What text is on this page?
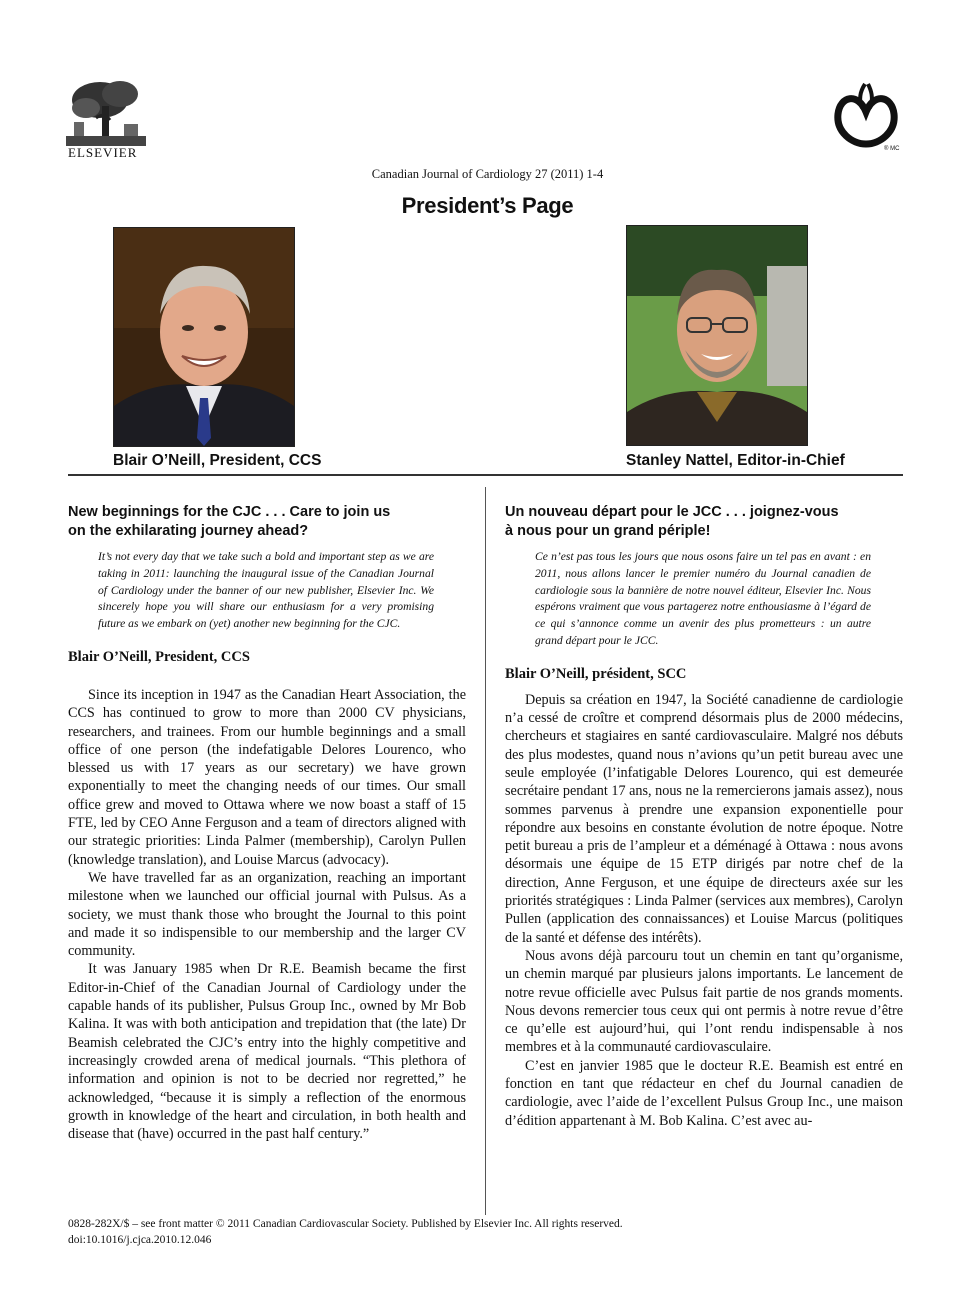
ELSEVIER	® MC
Canadian Journal of Cardiology 27 (2011) 1-4
President’s Page
Blair O’Neill, President, CCS	Stanley Nattel, Editor-in-Chief
New beginnings for the CJC . . . Care to join us
on the exhilarating journey ahead?

It’s not every day that we take such a bold and important step as we are taking in 2011: launching the inaugural issue of the Canadian Journal of Cardiology under the banner of our new publisher, Elsevier Inc. We sincerely hope you will share our enthusiasm for a very promising future as we embark on (yet) another new beginning for the CJC.

Blair O’Neill, President, CCS

Since its inception in 1947 as the Canadian Heart Association, the CCS has continued to grow to more than 2000 CV physicians, researchers, and trainees. From our humble beginnings and a small office of one person (the indefatigable Delores Lourenco, who blessed us with 17 years as our secretary) we have grown exponentially to meet the changing needs of our times. Our small office grew and moved to Ottawa where we now boast a staff of 15 FTE, led by CEO Anne Ferguson and a team of directors aligned with our strategic priorities: Linda Palmer (membership), Carolyn Pullen (knowledge translation), and Louise Marcus (advocacy).

We have travelled far as an organization, reaching an important milestone when we launched our official journal with Pulsus. As a society, we must thank those who brought the Journal to this point and made it so indispensible to our membership and the larger CV community.

It was January 1985 when Dr R.E. Beamish became the first Editor-in-Chief of the Canadian Journal of Cardiology under the capable hands of its publisher, Pulsus Group Inc., owned by Mr Bob Kalina. It was with both anticipation and trepidation that (the late) Dr Beamish celebrated the CJC’s entry into the highly competitive and increasingly crowded arena of medical journals. “This plethora of information and opinion is not to be decried nor regretted,” he acknowledged, “because it is simply a reflection of the enormous growth in knowledge of the heart and circulation, in both health and disease that (have) occurred in the past half century.”

Un nouveau départ pour le JCC . . . joignez-vous
à nous pour un grand périple!

Ce n’est pas tous les jours que nous osons faire un tel pas en avant : en 2011, nous allons lancer le premier numéro du Journal canadien de cardiologie sous la bannière de notre nouvel éditeur, Elsevier Inc. Nous espérons vraiment que vous partagerez notre enthousiasme à l’égard de ce qui s’annonce comme un avenir des plus prometteurs : un autre grand départ pour le JCC.

Blair O’Neill, président, SCC

Depuis sa création en 1947, la Société canadienne de cardiologie n’a cessé de croître et comprend désormais plus de 2000 médecins, chercheurs et stagiaires en santé cardiovasculaire. Malgré nos débuts des plus modestes, quand nous n’avions qu’un petit bureau avec une seule employée (l’infatigable Delores Lourenco, qui est demeurée secrétaire pendant 17 ans, nous ne la remercierons jamais assez), nous sommes parvenus à prendre une expansion exponentielle pour répondre aux besoins en constante évolution de notre époque. Notre petit bureau a pris de l’ampleur et a déménagé à Ottawa : nous avons désormais une équipe de 15 ETP dirigés par notre chef de la direction, Anne Ferguson, et une équipe de directeurs axée sur les priorités stratégiques : Linda Palmer (services aux membres), Carolyn Pullen (application des connaissances) et Louise Marcus (politiques de la santé et défense des intérêts).

Nous avons déjà parcouru tout un chemin en tant qu’organisme, un chemin marqué par plusieurs jalons importants. Le lancement de notre revue officielle avec Pulsus fait partie de nos grands moments. Nous devons remercier tous ceux qui ont permis à notre revue d’être ce qu’elle est aujourd’hui, qui l’ont rendu indispensable à nos membres et à la communauté cardiovasculaire.

C’est en janvier 1985 que le docteur R.E. Beamish est entré en fonction en tant que rédacteur en chef du Journal canadien de cardiologie, avec l’aide de l’excellent Pulsus Group Inc., une maison d’édition appartenant à M. Bob Kalina. C’est avec au-

0828-282X/$ – see front matter © 2011 Canadian Cardiovascular Society. Published by Elsevier Inc. All rights reserved.
doi:10.1016/j.cjca.2010.12.046
